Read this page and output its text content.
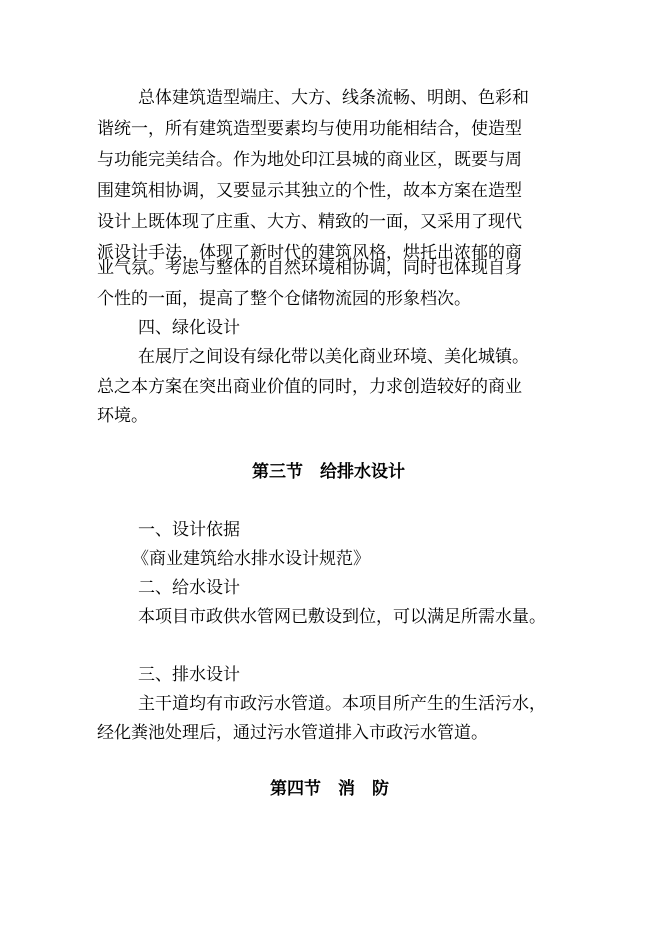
总体建筑造型端庄、大方、线条流畅、明朗、色彩和
谐统一，所有建筑造型要素均与使用功能相结合，使造型
与功能完美结合。作为地处印江县城的商业区，既要与周
围建筑相协调，又要显示其独立的个性，故本方案在造型
设计上既体现了庄重、大方、精致的一面，又采用了现代
派设计手法，体现了新时代的建筑风格，烘托出浓郁的商
业气氛。考虑与整体的自然环境相协调，同时也体现自身
个性的一面，提高了整个仓储物流园的形象档次。
四、绿化设计
在展厅之间设有绿化带以美化商业环境、美化城镇。
总之本方案在突出商业价值的同时，力求创造较好的商业
环境。
第三节　给排水设计
一、设计依据
《商业建筑给水排水设计规范》
二、给水设计
本项目市政供水管网已敷设到位，可以满足所需水量。
三、排水设计
主干道均有市政污水管道。本项目所产生的生活污水，
经化粪池处理后，通过污水管道排入市政污水管道。
第四节　消　防
